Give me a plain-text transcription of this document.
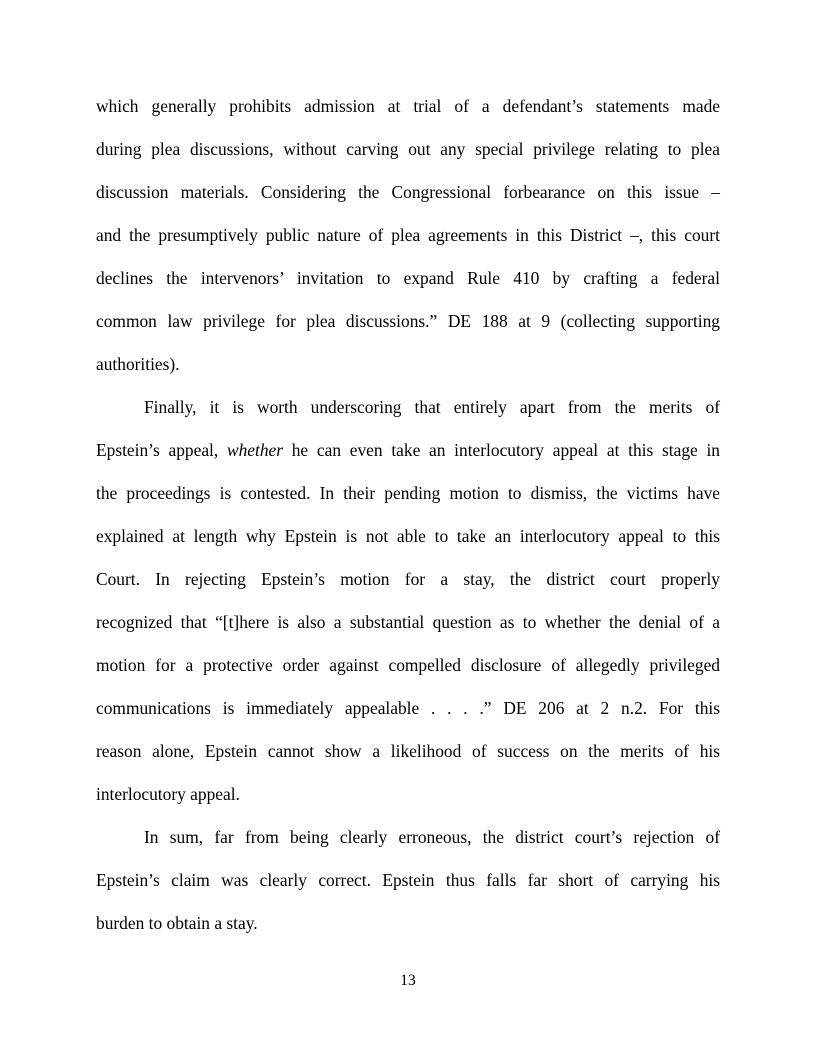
which generally prohibits admission at trial of a defendant’s statements made
during plea discussions, without carving out any special privilege relating to plea
discussion materials. Considering the Congressional forbearance on this issue –
and the presumptively public nature of plea agreements in this District –, this court
declines the intervenors’ invitation to expand Rule 410 by crafting a federal
common law privilege for plea discussions.” DE 188 at 9 (collecting supporting
authorities).
Finally, it is worth underscoring that entirely apart from the merits of
Epstein’s appeal, whether he can even take an interlocutory appeal at this stage in
the proceedings is contested. In their pending motion to dismiss, the victims have
explained at length why Epstein is not able to take an interlocutory appeal to this
Court. In rejecting Epstein’s motion for a stay, the district court properly
recognized that “[t]here is also a substantial question as to whether the denial of a
motion for a protective order against compelled disclosure of allegedly privileged
communications is immediately appealable . . . .” DE 206 at 2 n.2. For this
reason alone, Epstein cannot show a likelihood of success on the merits of his
interlocutory appeal.
In sum, far from being clearly erroneous, the district court’s rejection of
Epstein’s claim was clearly correct. Epstein thus falls far short of carrying his
burden to obtain a stay.
13
